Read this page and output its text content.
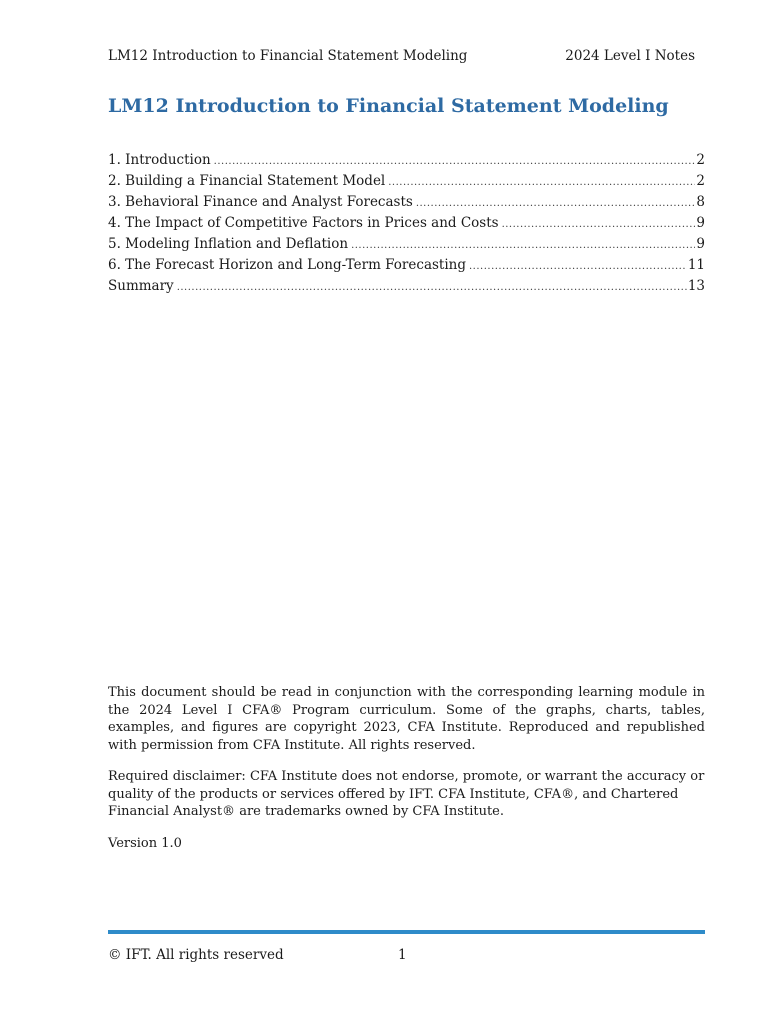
LM12 Introduction to Financial Statement Modeling	2024 Level I Notes
LM12 Introduction to Financial Statement Modeling
1. Introduction .....	2
2. Building a Financial Statement Model .....	2
3. Behavioral Finance and Analyst Forecasts .....	8
4. The Impact of Competitive Factors in Prices and Costs .....	9
5. Modeling Inflation and Deflation .....	9
6. The Forecast Horizon and Long-Term Forecasting .....	11
Summary .....	13

This document should be read in conjunction with the corresponding learning module in the 2024 Level I CFA® Program curriculum. Some of the graphs, charts, tables, examples, and figures are copyright 2023, CFA Institute. Reproduced and republished with permission from CFA Institute. All rights reserved.

Required disclaimer: CFA Institute does not endorse, promote, or warrant the accuracy or quality of the products or services offered by IFT. CFA Institute, CFA®, and Chartered Financial Analyst® are trademarks owned by CFA Institute.

Version 1.0

© IFT. All rights reserved	1
